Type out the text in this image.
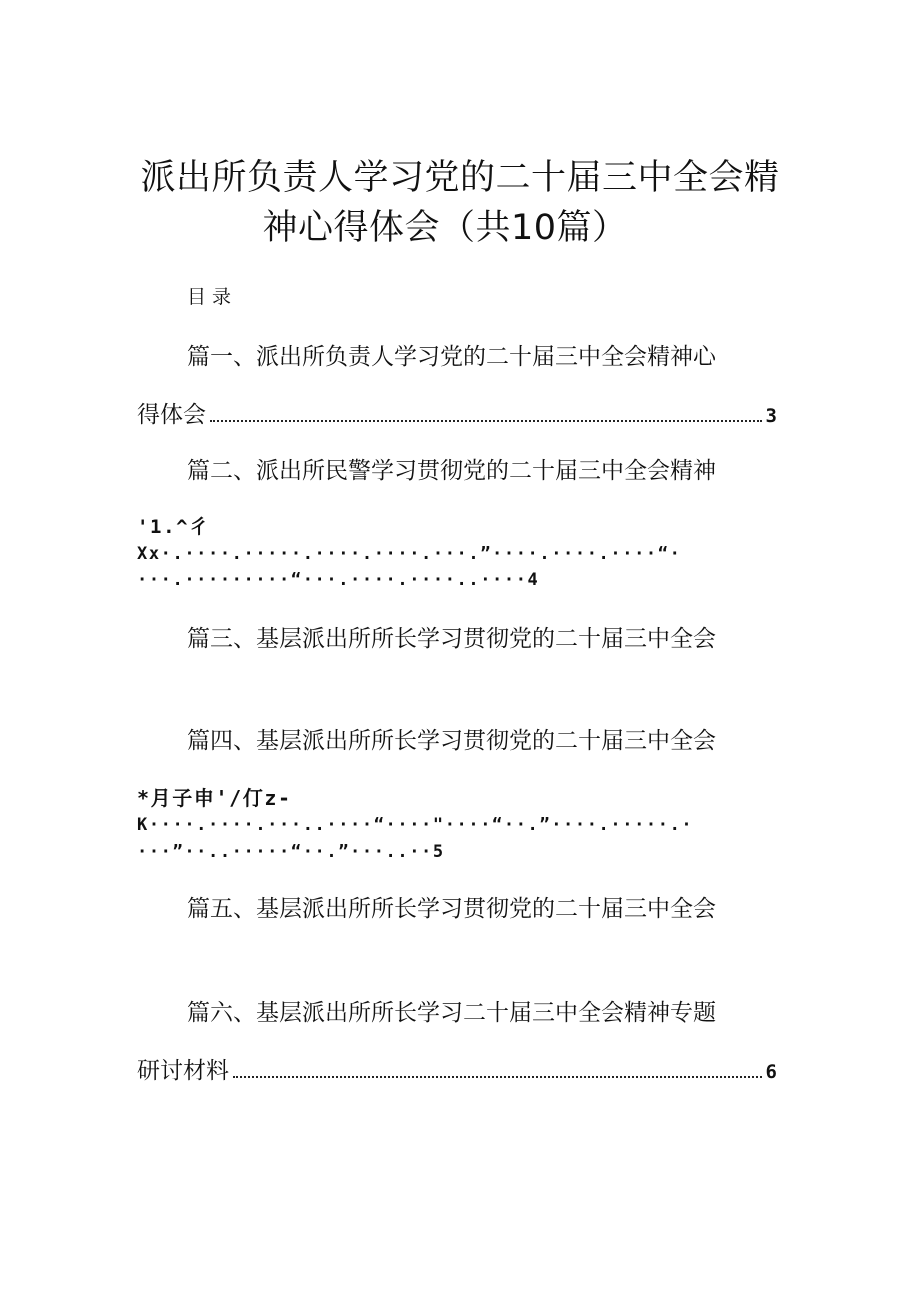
派出所负责人学习党的二十届三中全会精
神心得体会（共10篇）
目录
篇一、派出所负责人学习党的二十届三中全会精神心
得体会	3
篇二、派出所民警学习贯彻党的二十届三中全会精神
'1.^彳
Xx·.····.·····.····.····.···.”····.····.····“·
···.·········“···.····.····..····4
篇三、基层派出所所长学习贯彻党的二十届三中全会
篇四、基层派出所所长学习贯彻党的二十届三中全会
*月子申'/仃z-
K····.····.···..····“····"····“··.”····.·····.·
···”··..·····“··.”···..··5
篇五、基层派出所所长学习贯彻党的二十届三中全会
篇六、基层派出所所长学习二十届三中全会精神专题
研讨材料	6
